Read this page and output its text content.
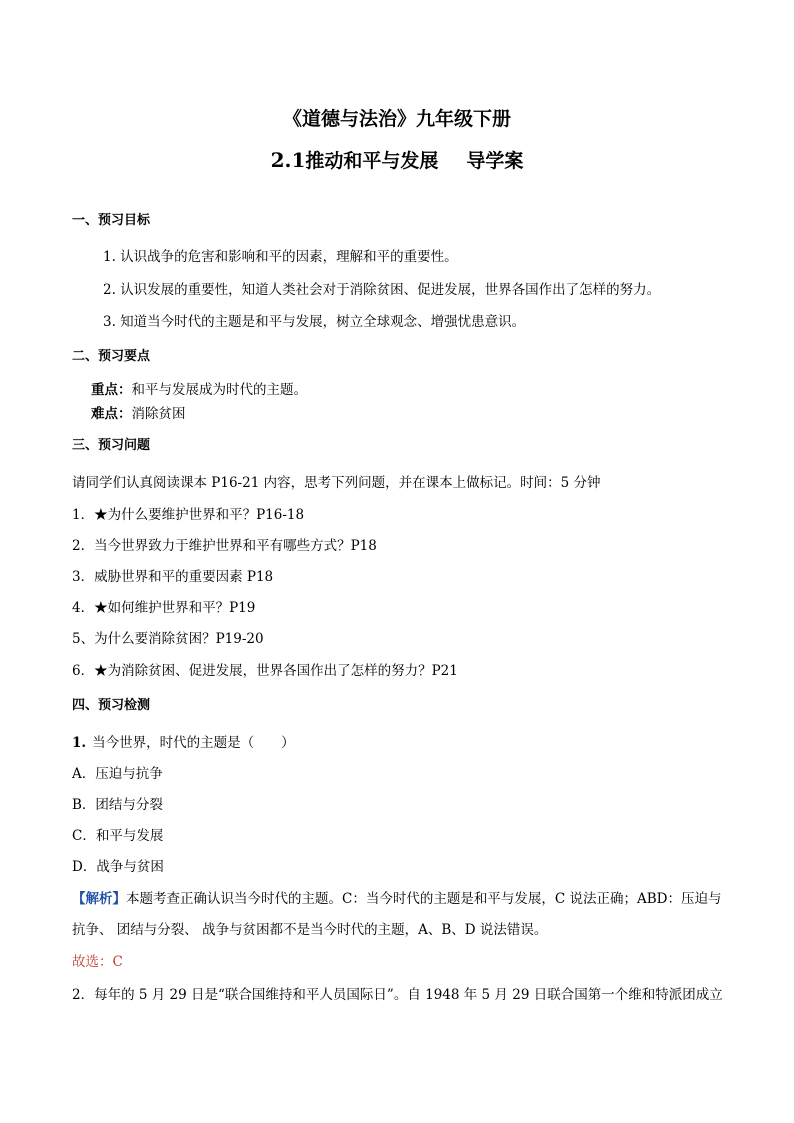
《道德与法治》九年级下册
2.1推动和平与发展 导学案
一、预习目标
1. 认识战争的危害和影响和平的因素，理解和平的重要性。
2. 认识发展的重要性，知道人类社会对于消除贫困、促进发展，世界各国作出了怎样的努力。
3. 知道当今时代的主题是和平与发展，树立全球观念、增强忧患意识。
二、预习要点
重点：和平与发展成为时代的主题。
难点：消除贫困
三、预习问题
请同学们认真阅读课本 P16-21 内容，思考下列问题，并在课本上做标记。时间：5 分钟
1．★为什么要维护世界和平？P16-18
2．当今世界致力于维护世界和平有哪些方式？P18
3．威胁世界和平的重要因素 P18
4．★如何维护世界和平？P19
5、为什么要消除贫困？P19-20
6．★为消除贫困、促进发展，世界各国作出了怎样的努力？P21
四、预习检测
1. 当今世界，时代的主题是（　　）
A．压迫与抗争
B．团结与分裂
C．和平与发展
D．战争与贫困
【解析】本题考查正确认识当今时代的主题。C：当今时代的主题是和平与发展，C 说法正确；ABD：压迫与
抗争、 团结与分裂、 战争与贫困都不是当今时代的主题，A、B、D 说法错误。
故选：C
2．每年的 5 月 29 日是“联合国维持和平人员国际日”。自 1948 年 5 月 29 日联合国第一个维和特派团成立
